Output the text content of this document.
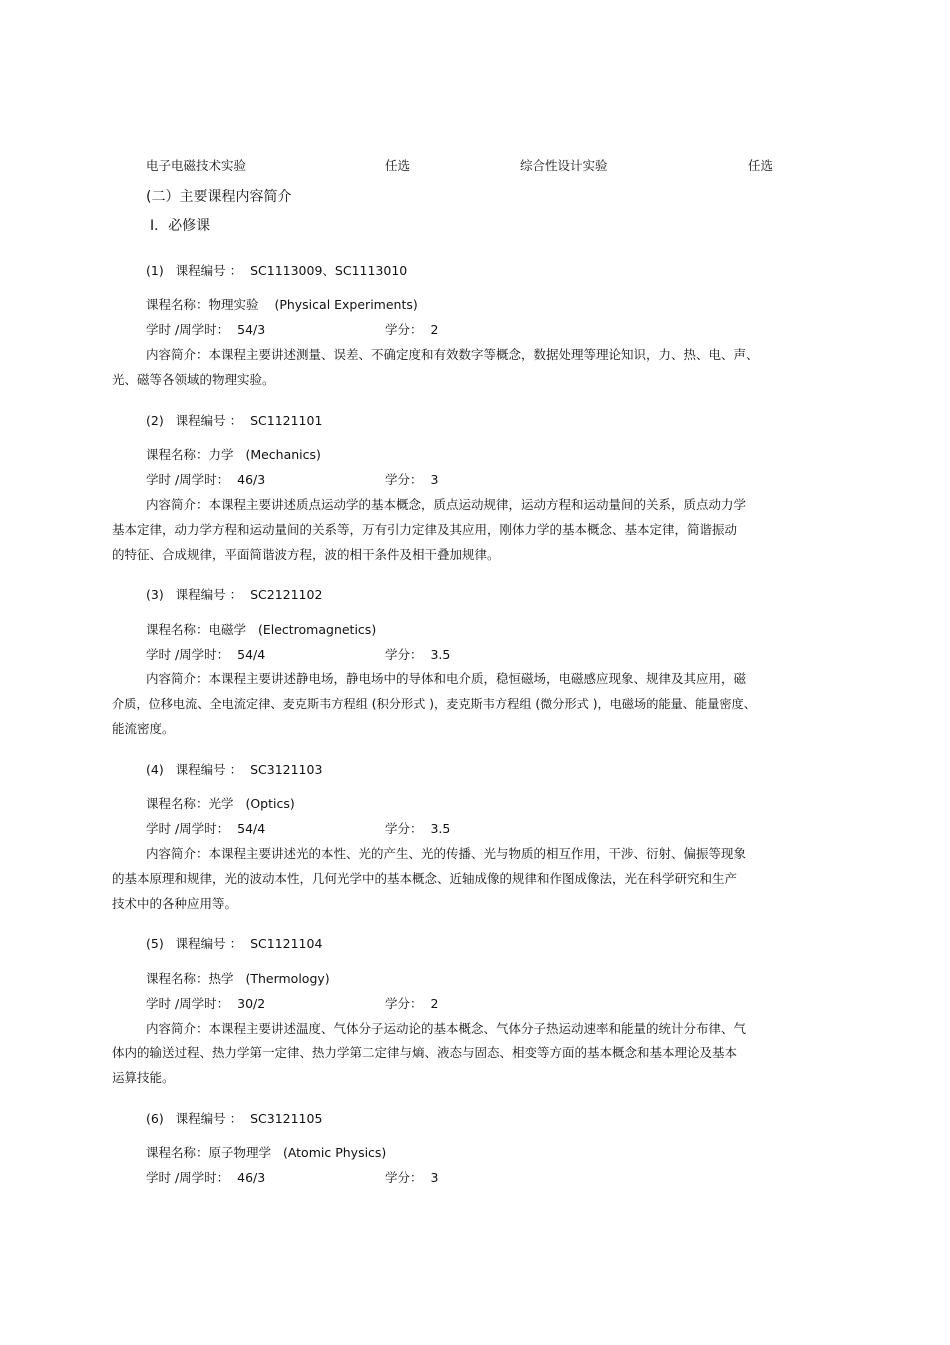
电子电磁技术实验	任选	综合性设计实验	任选
(二）主要课程内容简介
Ⅰ．必修课
(1) 课程编号 ： SC1113009、SC1113010
课程名称：物理实验 (Physical Experiments)
学时 /周学时： 54/3	学分： 2
内容简介：本课程主要讲述测量、误差、不确定度和有效数字等概念，数据处理等理论知识，力、热、电、声、
光、磁等各领域的物理实验。
(2) 课程编号 ： SC1121101
课程名称：力学 (Mechanics)
学时 /周学时： 46/3	学分： 3
内容简介：本课程主要讲述质点运动学的基本概念，质点运动规律，运动方程和运动量间的关系，质点动力学
基本定律，动力学方程和运动量间的关系等，万有引力定律及其应用，刚体力学的基本概念、基本定律，简谐振动
的特征、合成规律，平面简谐波方程，波的相干条件及相干叠加规律。
(3) 课程编号 ： SC2121102
课程名称：电磁学 (Electromagnetics)
学时 /周学时： 54/4	学分： 3.5
内容简介：本课程主要讲述静电场，静电场中的导体和电介质，稳恒磁场，电磁感应现象、规律及其应用，磁
介质，位移电流、全电流定律、麦克斯韦方程组 (积分形式 )，麦克斯韦方程组 (微分形式 )，电磁场的能量、能量密度、
能流密度。
(4) 课程编号 ： SC3121103
课程名称：光学 (Optics)
学时 /周学时： 54/4	学分： 3.5
内容简介：本课程主要讲述光的本性、光的产生、光的传播、光与物质的相互作用，干涉、衍射、偏振等现象
的基本原理和规律，光的波动本性，几何光学中的基本概念、近轴成像的规律和作图成像法，光在科学研究和生产
技术中的各种应用等。
(5) 课程编号 ： SC1121104
课程名称：热学 (Thermology)
学时 /周学时： 30/2	学分： 2
内容简介：本课程主要讲述温度、气体分子运动论的基本概念、气体分子热运动速率和能量的统计分布律、气
体内的输送过程、热力学第一定律、热力学第二定律与熵、液态与固态、相变等方面的基本概念和基本理论及基本
运算技能。
(6) 课程编号 ： SC3121105
课程名称：原子物理学 (Atomic Physics)
学时 /周学时： 46/3	学分： 3
